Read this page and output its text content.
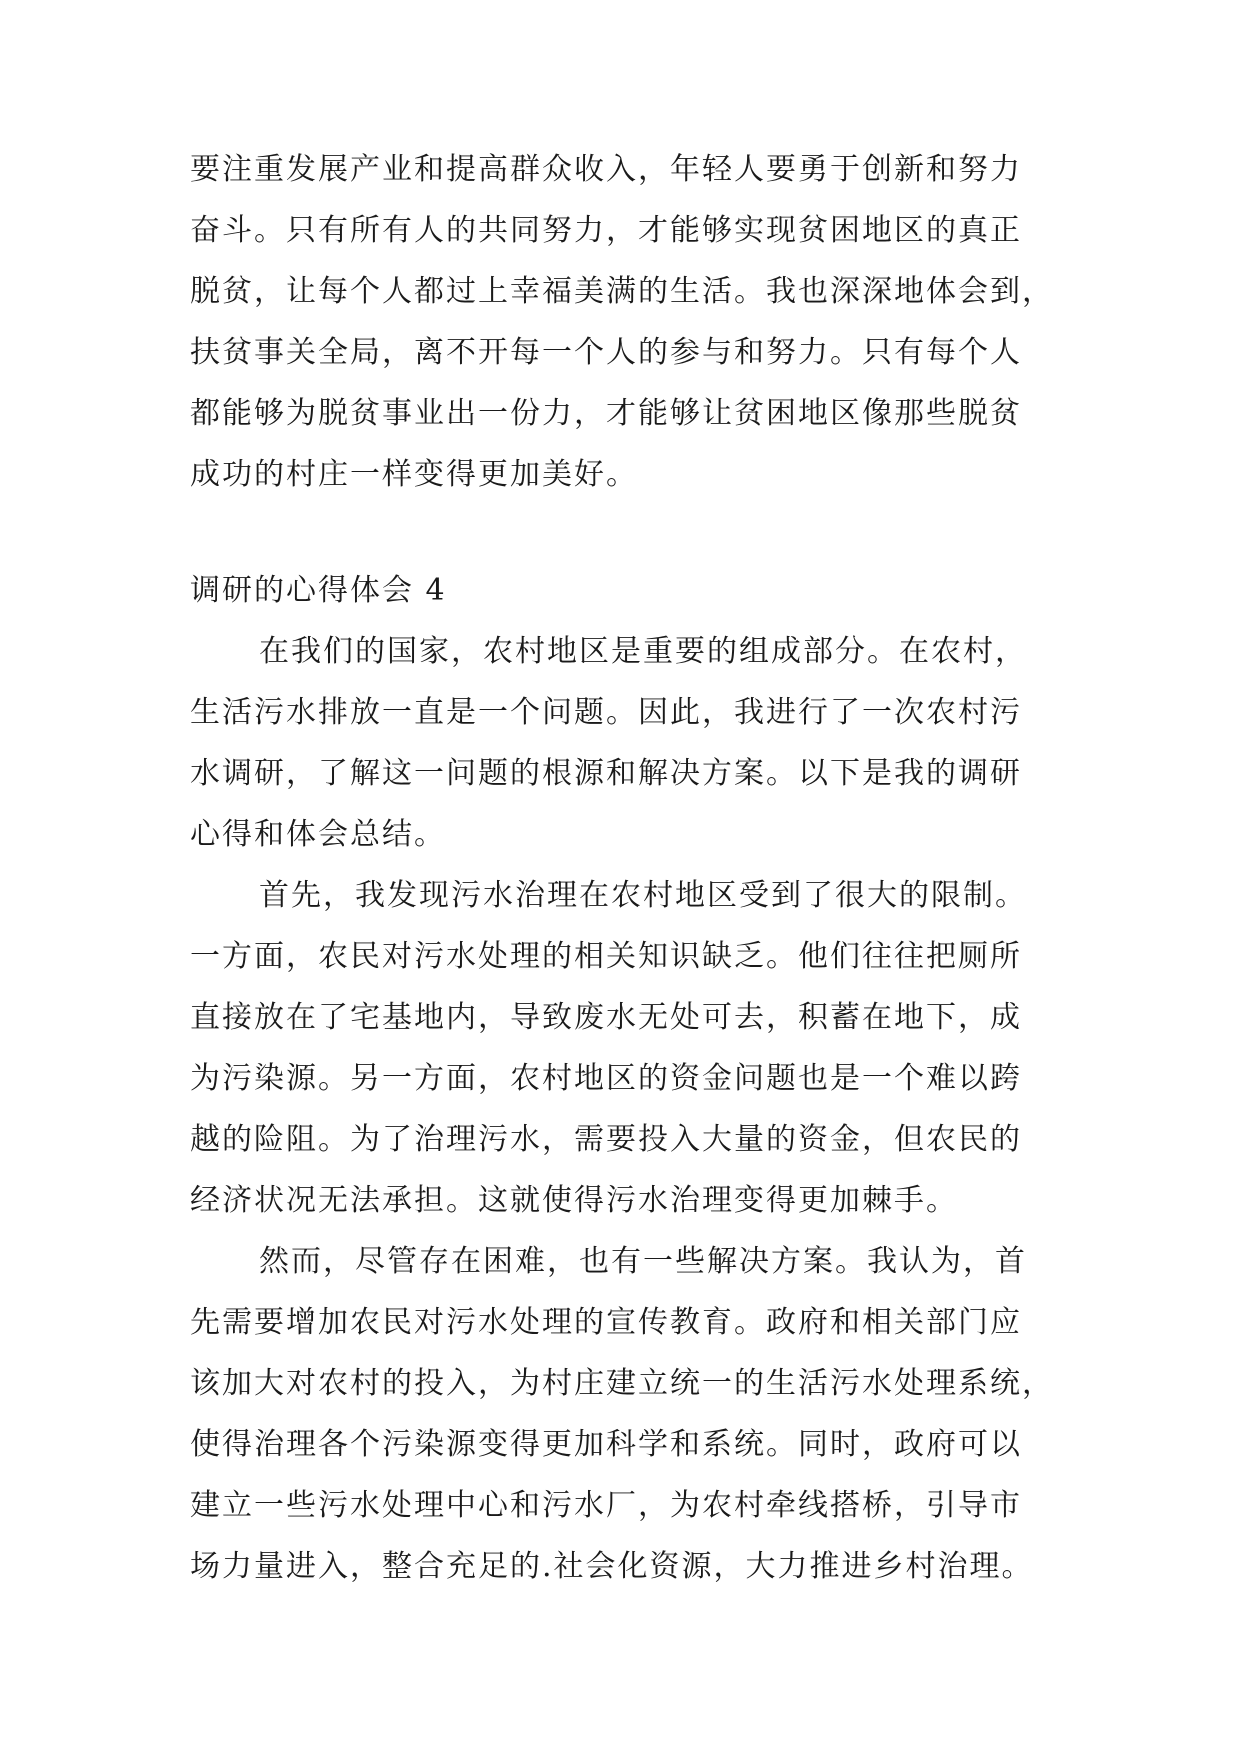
要注重发展产业和提高群众收入，年轻人要勇于创新和努力
奋斗。只有所有人的共同努力，才能够实现贫困地区的真正
脱贫，让每个人都过上幸福美满的生活。我也深深地体会到，
扶贫事关全局，离不开每一个人的参与和努力。只有每个人
都能够为脱贫事业出一份力，才能够让贫困地区像那些脱贫
成功的村庄一样变得更加美好。
调研的心得体会 4
在我们的国家，农村地区是重要的组成部分。在农村，
生活污水排放一直是一个问题。因此，我进行了一次农村污
水调研，了解这一问题的根源和解决方案。以下是我的调研
心得和体会总结。
首先，我发现污水治理在农村地区受到了很大的限制。
一方面，农民对污水处理的相关知识缺乏。他们往往把厕所
直接放在了宅基地内，导致废水无处可去，积蓄在地下，成
为污染源。另一方面，农村地区的资金问题也是一个难以跨
越的险阻。为了治理污水，需要投入大量的资金，但农民的
经济状况无法承担。这就使得污水治理变得更加棘手。
然而，尽管存在困难，也有一些解决方案。我认为，首
先需要增加农民对污水处理的宣传教育。政府和相关部门应
该加大对农村的投入，为村庄建立统一的生活污水处理系统，
使得治理各个污染源变得更加科学和系统。同时，政府可以
建立一些污水处理中心和污水厂，为农村牵线搭桥，引导市
场力量进入，整合充足的.社会化资源，大力推进乡村治理。
